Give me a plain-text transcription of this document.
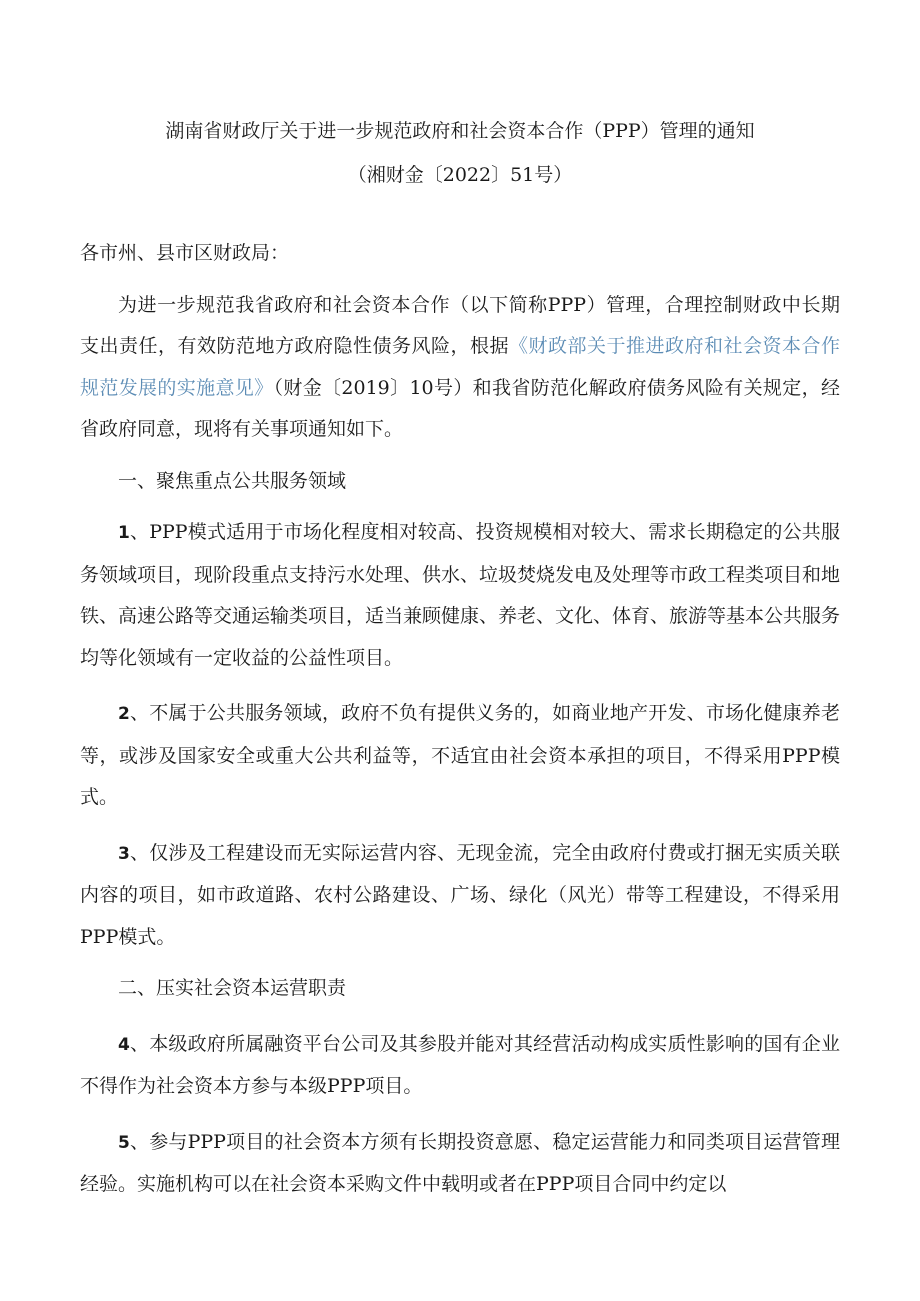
湖南省财政厅关于进一步规范政府和社会资本合作（PPP）管理的通知

（湘财金〔2022〕51号）

各市州、县市区财政局：

为进一步规范我省政府和社会资本合作（以下简称PPP）管理，合理控制财政中长期支出责任，有效防范地方政府隐性债务风险，根据《财政部关于推进政府和社会资本合作规范发展的实施意见》（财金〔2019〕10号）和我省防范化解政府债务风险有关规定，经省政府同意，现将有关事项通知如下。

一、聚焦重点公共服务领域

1、PPP模式适用于市场化程度相对较高、投资规模相对较大、需求长期稳定的公共服务领域项目，现阶段重点支持污水处理、供水、垃圾焚烧发电及处理等市政工程类项目和地铁、高速公路等交通运输类项目，适当兼顾健康、养老、文化、体育、旅游等基本公共服务均等化领域有一定收益的公益性项目。

2、不属于公共服务领域，政府不负有提供义务的，如商业地产开发、市场化健康养老等，或涉及国家安全或重大公共利益等，不适宜由社会资本承担的项目，不得采用PPP模式。

3、仅涉及工程建设而无实际运营内容、无现金流，完全由政府付费或打捆无实质关联内容的项目，如市政道路、农村公路建设、广场、绿化（风光）带等工程建设，不得采用PPP模式。

二、压实社会资本运营职责

4、本级政府所属融资平台公司及其参股并能对其经营活动构成实质性影响的国有企业不得作为社会资本方参与本级PPP项目。

5、参与PPP项目的社会资本方须有长期投资意愿、稳定运营能力和同类项目运营管理经验。实施机构可以在社会资本采购文件中载明或者在PPP项目合同中约定以
